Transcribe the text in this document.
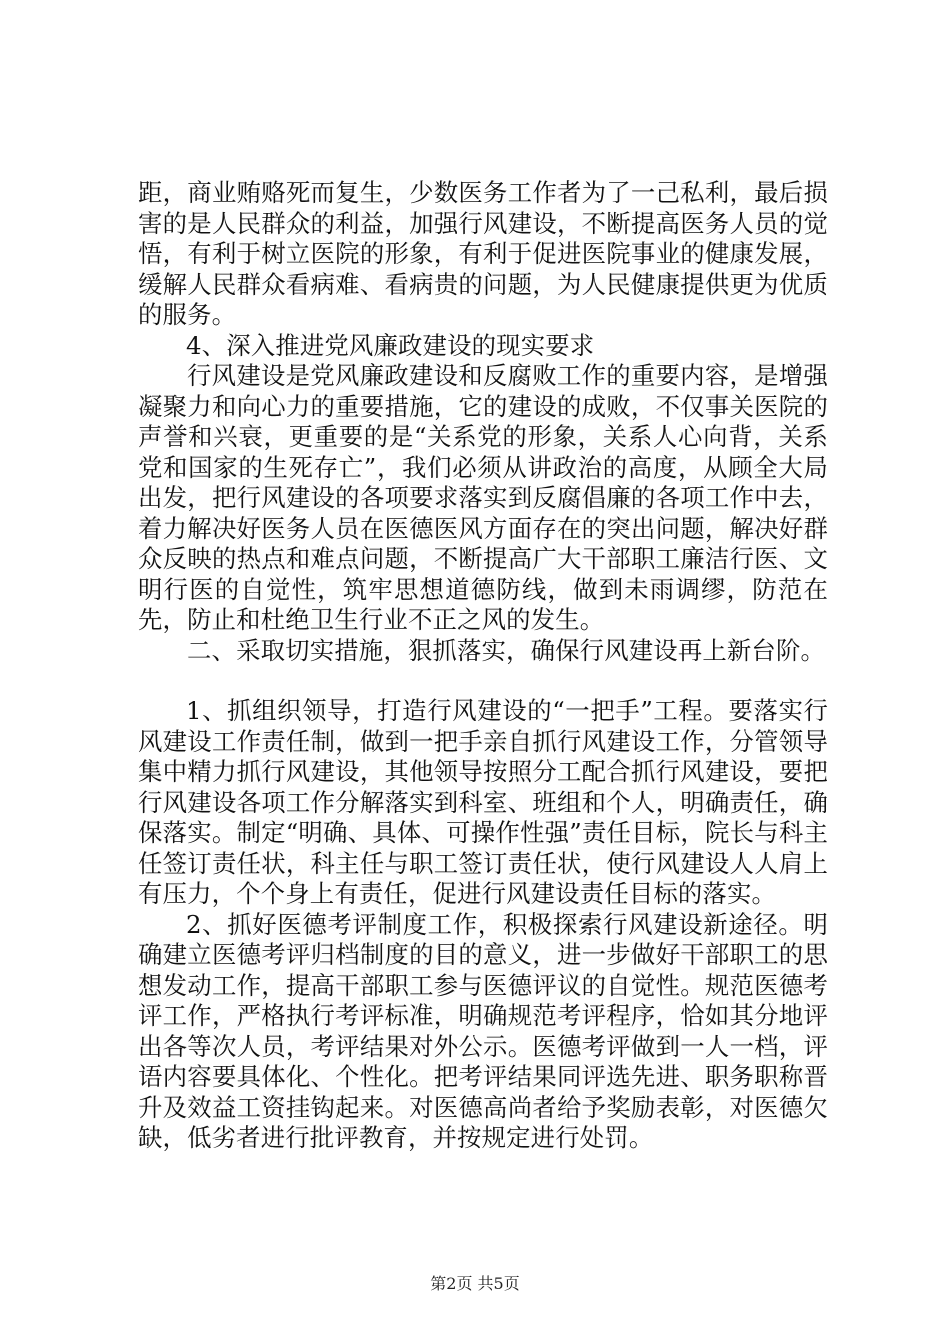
距，商业贿赂死而复生，少数医务工作者为了一己私利，最后损害的是人民群众的利益，加强行风建设，不断提高医务人员的觉悟，有利于树立医院的形象，有利于促进医院事业的健康发展，缓解人民群众看病难、看病贵的问题，为人民健康提供更为优质的服务。

4、深入推进党风廉政建设的现实要求

行风建设是党风廉政建设和反腐败工作的重要内容，是增强凝聚力和向心力的重要措施，它的建设的成败，不仅事关医院的声誉和兴衰，更重要的是“关系党的形象，关系人心向背，关系党和国家的生死存亡”，我们必须从讲政治的高度，从顾全大局出发，把行风建设的各项要求落实到反腐倡廉的各项工作中去，着力解决好医务人员在医德医风方面存在的突出问题，解决好群众反映的热点和难点问题，不断提高广大干部职工廉洁行医、文明行医的自觉性，筑牢思想道德防线，做到未雨调缪，防范在先，防止和杜绝卫生行业不正之风的发生。

二、采取切实措施，狠抓落实，确保行风建设再上新台阶。

1、抓组织领导，打造行风建设的“一把手”工程。要落实行风建设工作责任制，做到一把手亲自抓行风建设工作，分管领导集中精力抓行风建设，其他领导按照分工配合抓行风建设，要把行风建设各项工作分解落实到科室、班组和个人，明确责任，确保落实。制定“明确、具体、可操作性强”责任目标，院长与科主任签订责任状，科主任与职工签订责任状，使行风建设人人肩上有压力，个个身上有责任，促进行风建设责任目标的落实。

2、抓好医德考评制度工作，积极探索行风建设新途径。明确建立医德考评归档制度的目的意义，进一步做好干部职工的思想发动工作，提高干部职工参与医德评议的自觉性。规范医德考评工作，严格执行考评标准，明确规范考评程序，恰如其分地评出各等次人员，考评结果对外公示。医德考评做到一人一档，评语内容要具体化、个性化。把考评结果同评选先进、职务职称晋升及效益工资挂钩起来。对医德高尚者给予奖励表彰，对医德欠缺，低劣者进行批评教育，并按规定进行处罚。

第2页 共5页
